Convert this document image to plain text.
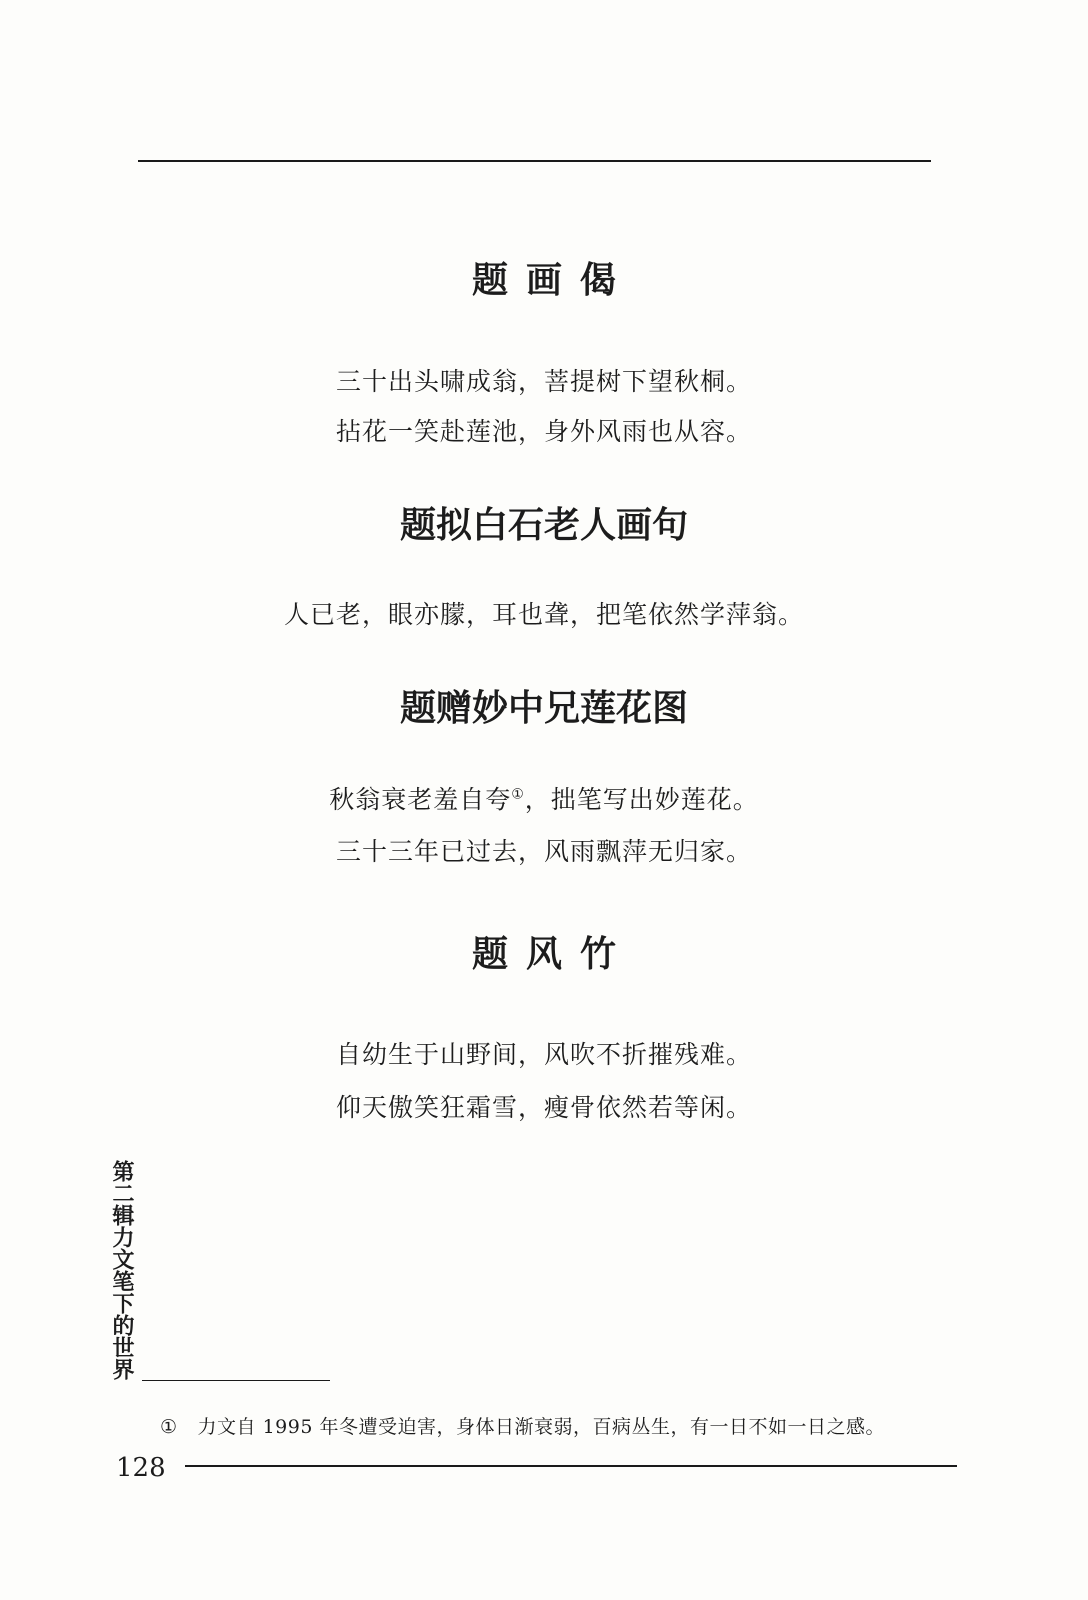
题画偈

三十出头啸成翁，菩提树下望秋桐。

拈花一笑赴莲池，身外风雨也从容。

题拟白石老人画句

人已老，眼亦朦，耳也聋，把笔依然学萍翁。

题赠妙中兄莲花图

秋翁衰老羞自夸①，拙笔写出妙莲花。

三十三年已过去，风雨飘萍无归家。

题风竹

自幼生于山野间，风吹不折摧残难。

仰天傲笑狂霜雪，瘦骨依然若等闲。

第二辑力文笔下的世界
① 力文自 1995 年冬遭受迫害，身体日渐衰弱，百病丛生，有一日不如一日之感。
128
